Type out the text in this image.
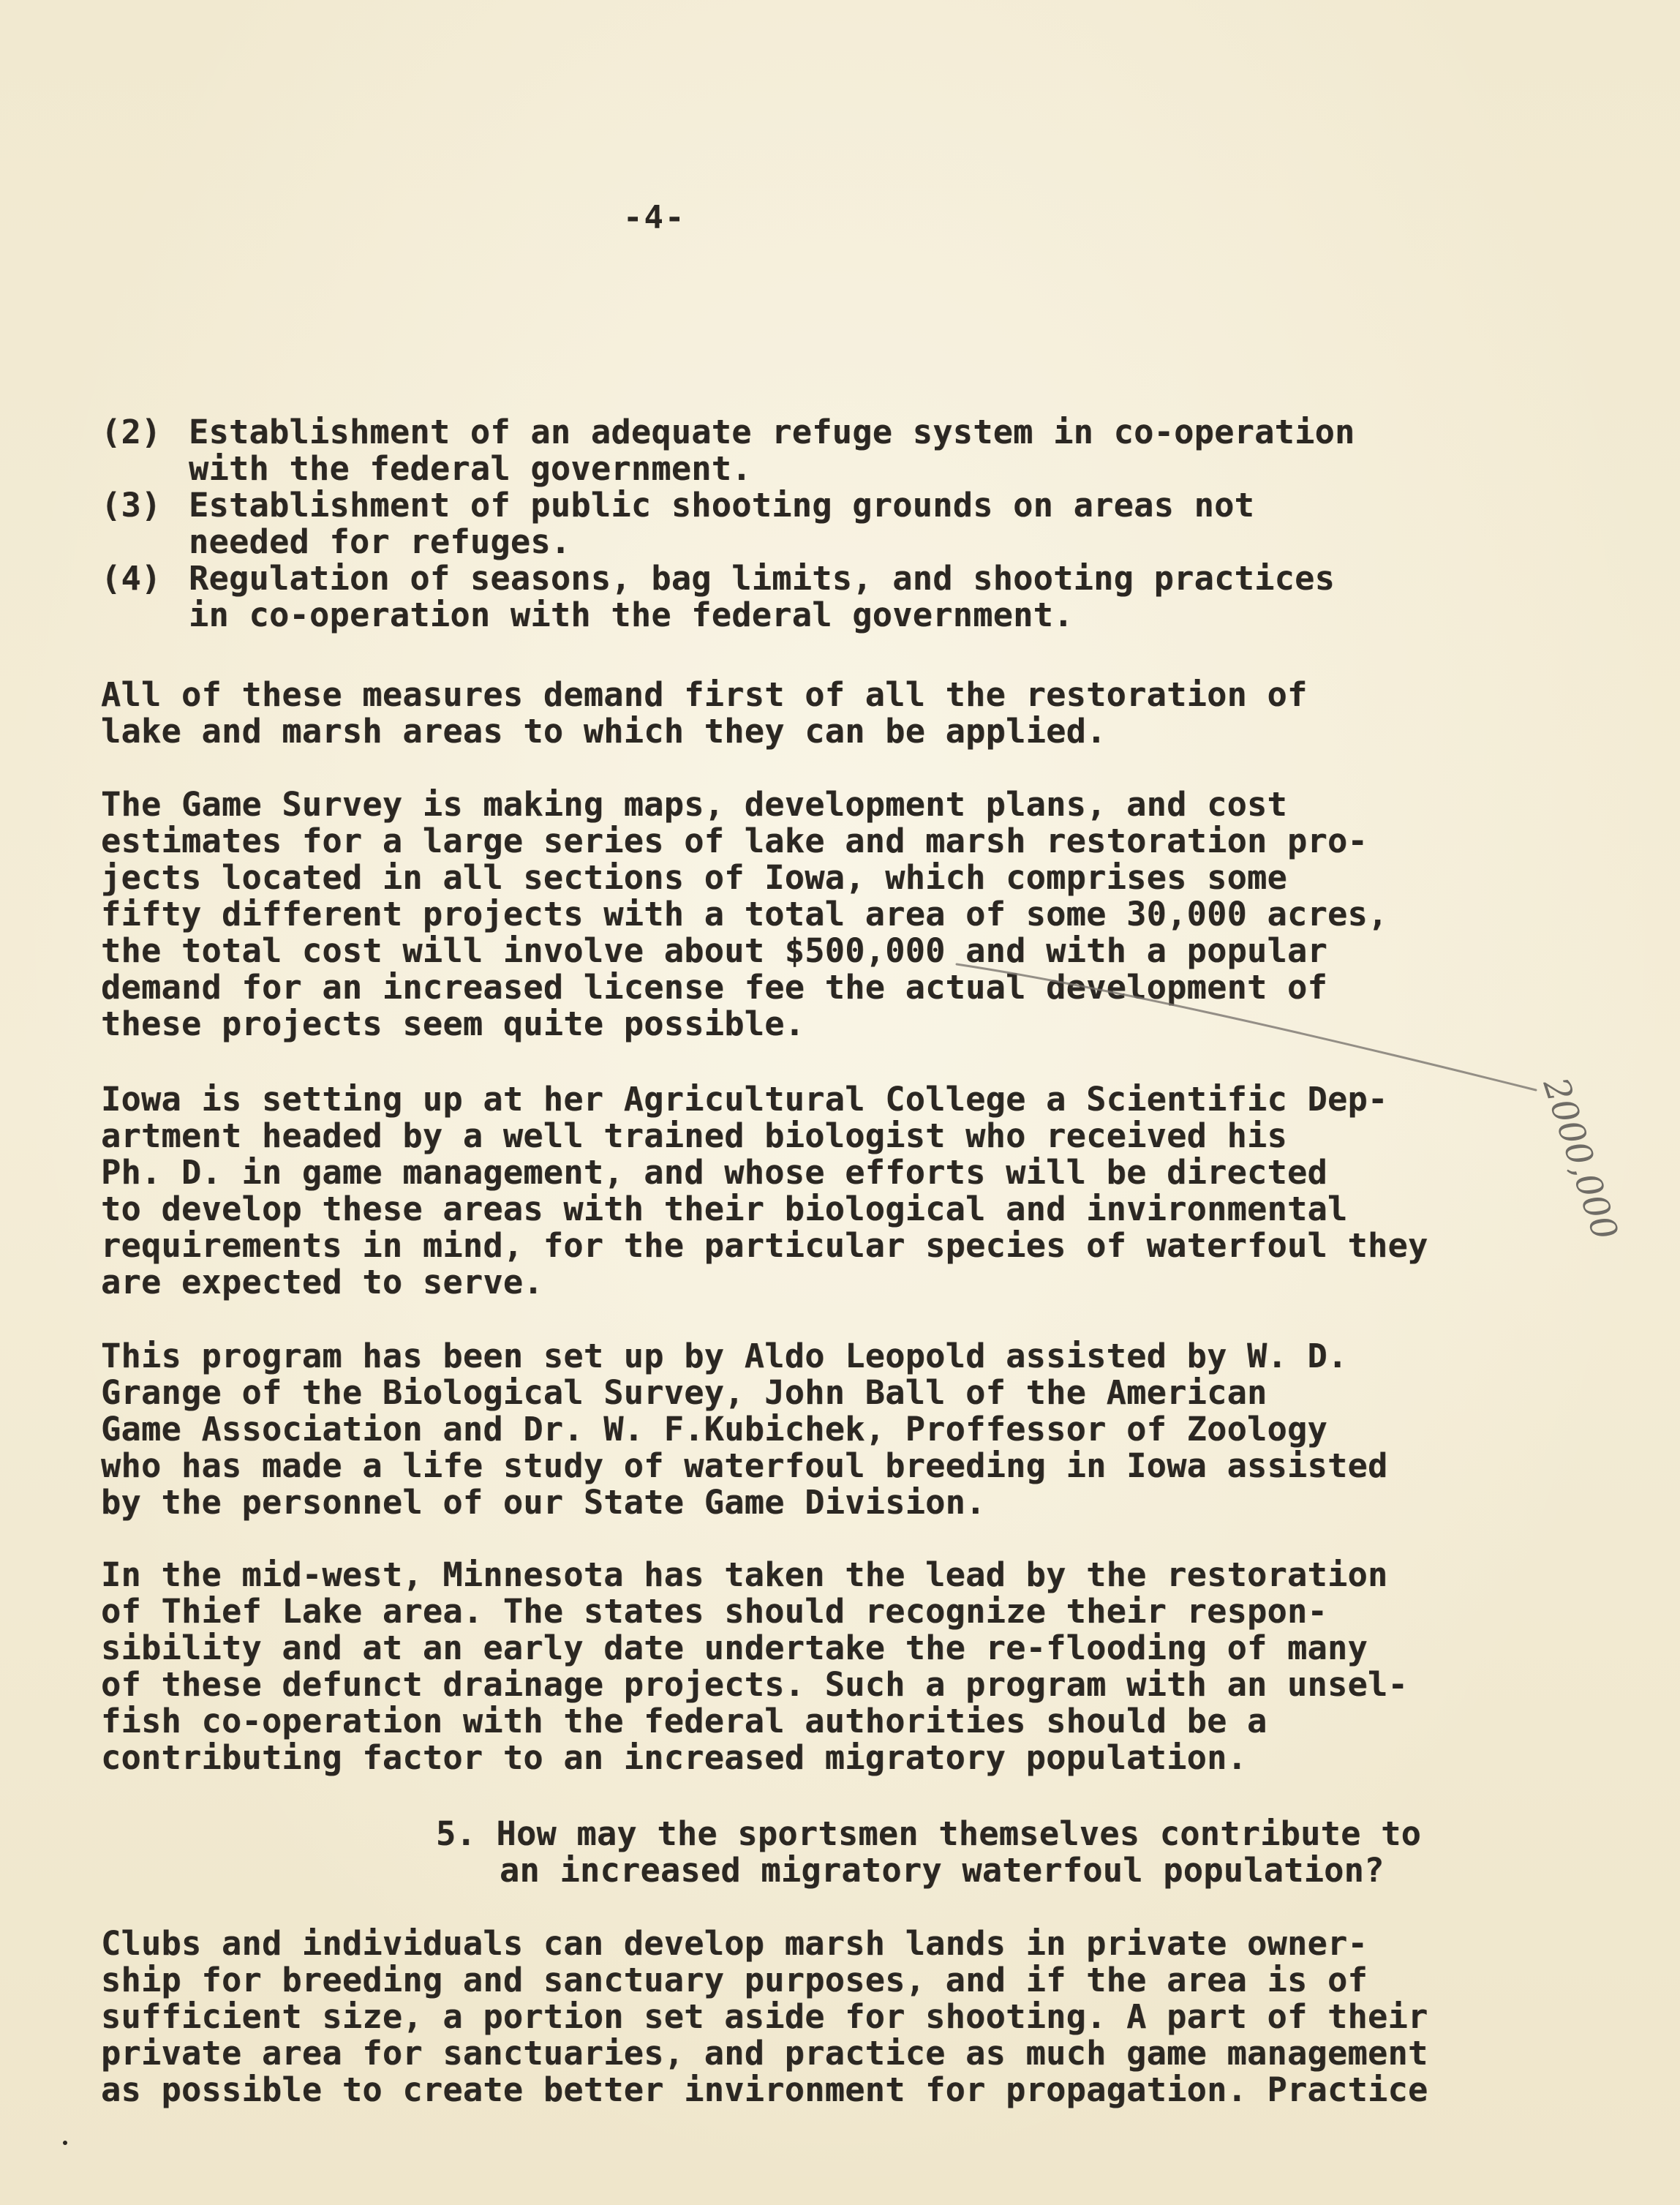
-4-
(2) Establishment of an adequate refuge system in co-operation
with the federal government.
(3) Establishment of public shooting grounds on areas not
needed for refuges.
(4) Regulation of seasons, bag limits, and shooting practices
in co-operation with the federal government.
All of these measures demand first of all the restoration of
lake and marsh areas to which they can be applied.
The Game Survey is making maps, development plans, and cost
estimates for a large series of lake and marsh restoration pro-
jects located in all sections of Iowa, which comprises some
fifty different projects with a total area of some 30,000 acres,
the total cost will involve about $500,000 and with a popular
demand for an increased license fee the actual development of
these projects seem quite possible.
Iowa is setting up at her Agricultural College a Scientific Dep-
artment headed by a well trained biologist who received his
Ph. D. in game management, and whose efforts will be directed
to develop these areas with their biological and invironmental
requirements in mind, for the particular species of waterfoul they
are expected to serve.
This program has been set up by Aldo Leopold assisted by W. D.
Grange of the Biological Survey, John Ball of the American
Game Association and Dr. W. F.Kubichek, Proffessor of Zoology
who has made a life study of waterfoul breeding in Iowa assisted
by the personnel of our State Game Division.
In the mid-west, Minnesota has taken the lead by the restoration
of Thief Lake area. The states should recognize their respon-
sibility and at an early date undertake the re-flooding of many
of these defunct drainage projects. Such a program with an unsel-
fish co-operation with the federal authorities should be a
contributing factor to an increased migratory population.
5. How may the sportsmen themselves contribute to
an increased migratory waterfoul population?
Clubs and individuals can develop marsh lands in private owner-
ship for breeding and sanctuary purposes, and if the area is of
sufficient size, a portion set aside for shooting. A part of their
private area for sanctuaries, and practice as much game management
as possible to create better invironment for propagation. Practice
2000,000
